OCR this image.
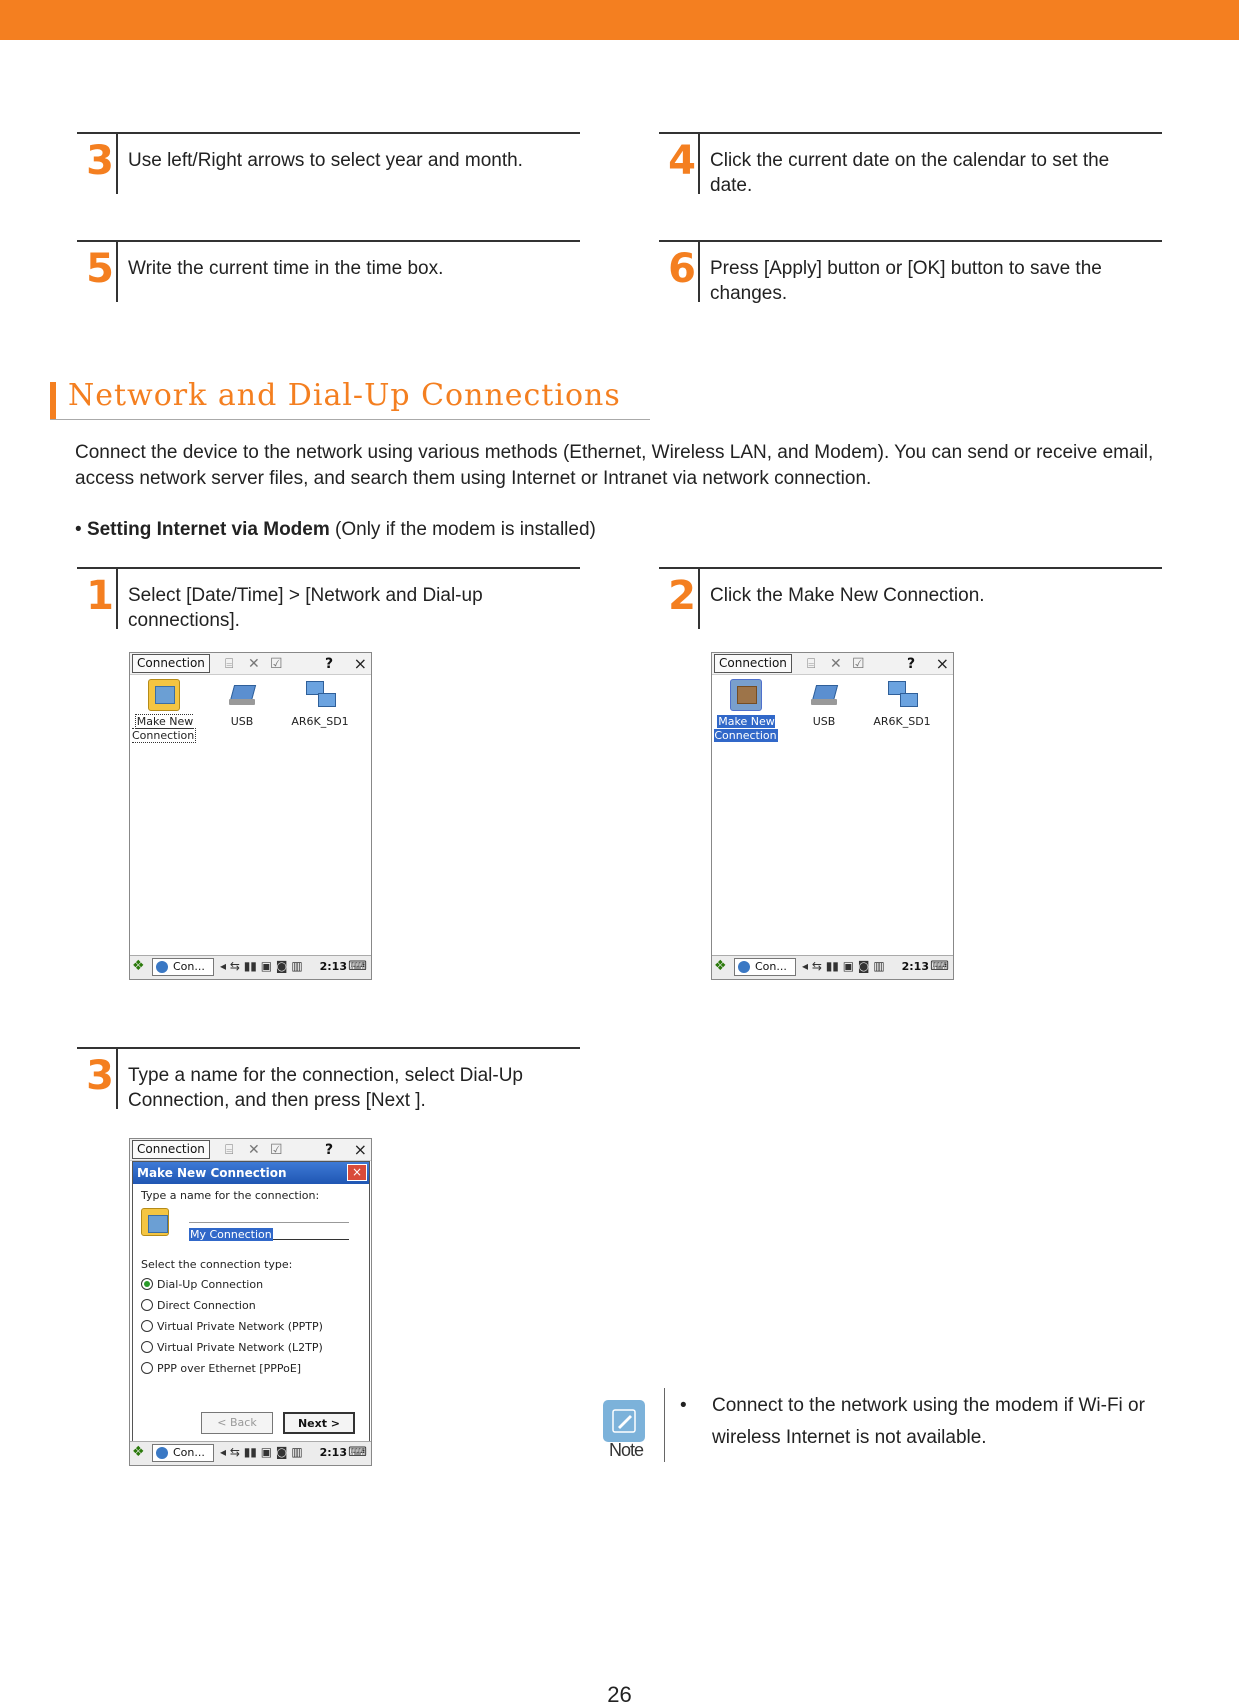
3 Use left/Right arrows to select year and month.	4 Click the current date on the calendar to set the date.
5 Write the current time in the time box.	6 Press [Apply] button or [OK] button to save the changes.
Network and Dial-Up Connections
Connect the device to the network using various methods (Ethernet, Wireless LAN, and Modem). You can send or receive email, access network server files, and search them using Internet or Intranet via network connection.
• Setting Internet via Modem (Only if the modem is installed)
1 Select [Date/Time] > [Network and Dial-up connections].
2 Click the Make New Connection.
3 Type a name for the connection, select Dial-Up Connection, and then press [Next ].
Connection	⌸ ✕ ☑	? ×
Make New
Connection
USB	AR6K_SD1
❖	Con...	◂ ⇆ ▮▮ ▣ ◙ ▥ 2:13 ⌨
Connection	⌸ ✕ ☑	? ×
Make New
Connection
USB	AR6K_SD1
❖	Con...	◂ ⇆ ▮▮ ▣ ◙ ▥ 2:13 ⌨
Connection	⌸ ✕ ☑	? ×
Make New Connection	×
Type a name for the connection:
My Connection
Select the connection type:
Dial-Up Connection
Direct Connection
Virtual Private Network (PPTP)
Virtual Private Network (L2TP)
PPP over Ethernet [PPPoE]
< Back	Next >
❖	Con...	◂ ⇆ ▮▮ ▣ ◙ ▥ 2:13 ⌨	Note
•	Connect to the network using the modem if Wi-Fi or wireless Internet is not available.
26
